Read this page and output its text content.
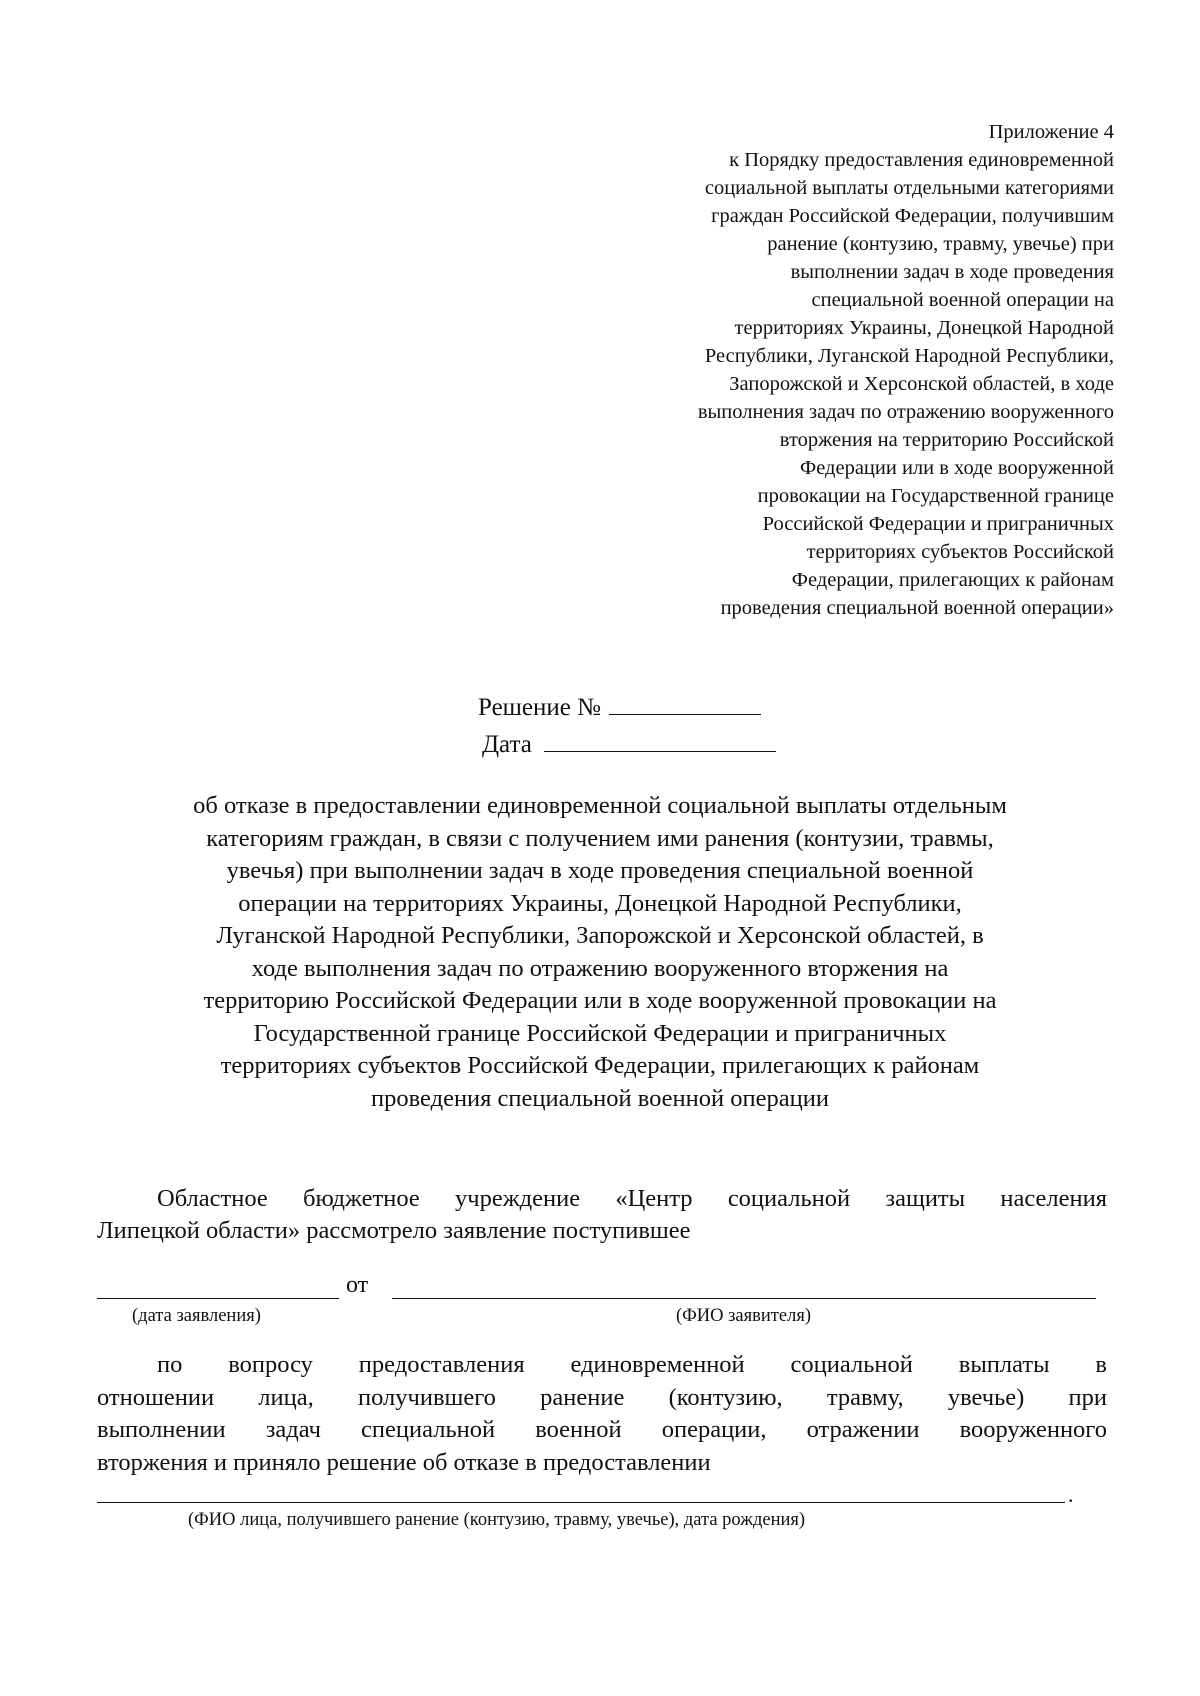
Приложение 4
к Порядку предоставления единовременной
социальной выплаты отдельными категориями
граждан Российской Федерации, получившим
ранение (контузию, травму, увечье) при
выполнении задач в ходе проведения
специальной военной операции на
территориях Украины, Донецкой Народной
Республики, Луганской Народной Республики,
Запорожской и Херсонской областей, в ходе
выполнения задач по отражению вооруженного
вторжения на территорию Российской
Федерации или в ходе вооруженной
провокации на Государственной границе
Российской Федерации и приграничных
территориях субъектов Российской
Федерации, прилегающих к районам
проведения специальной военной операции»
Решение №
Дата
об отказе в предоставлении единовременной социальной выплаты отдельным
категориям граждан, в связи с получением ими ранения (контузии, травмы,
увечья) при выполнении задач в ходе проведения специальной военной
операции на территориях Украины, Донецкой Народной Республики,
Луганской Народной Республики, Запорожской и Херсонской областей, в
ходе выполнения задач по отражению вооруженного вторжения на
территорию Российской Федерации или в ходе вооруженной провокации на
Государственной границе Российской Федерации и приграничных
территориях субъектов Российской Федерации, прилегающих к районам
проведения специальной военной операции
Областное бюджетное учреждение «Центр социальной защиты населения
Липецкой области» рассмотрело заявление поступившее
от
(дата заявления)	(ФИО заявителя)
по вопросу предоставления единовременной социальной выплаты в
отношении лица, получившего ранение (контузию, травму, увечье) при
выполнении задач специальной военной операции, отражении вооруженного
вторжения и приняло решение об отказе в предоставлении
.
(ФИО лица, получившего ранение (контузию, травму, увечье), дата рождения)
